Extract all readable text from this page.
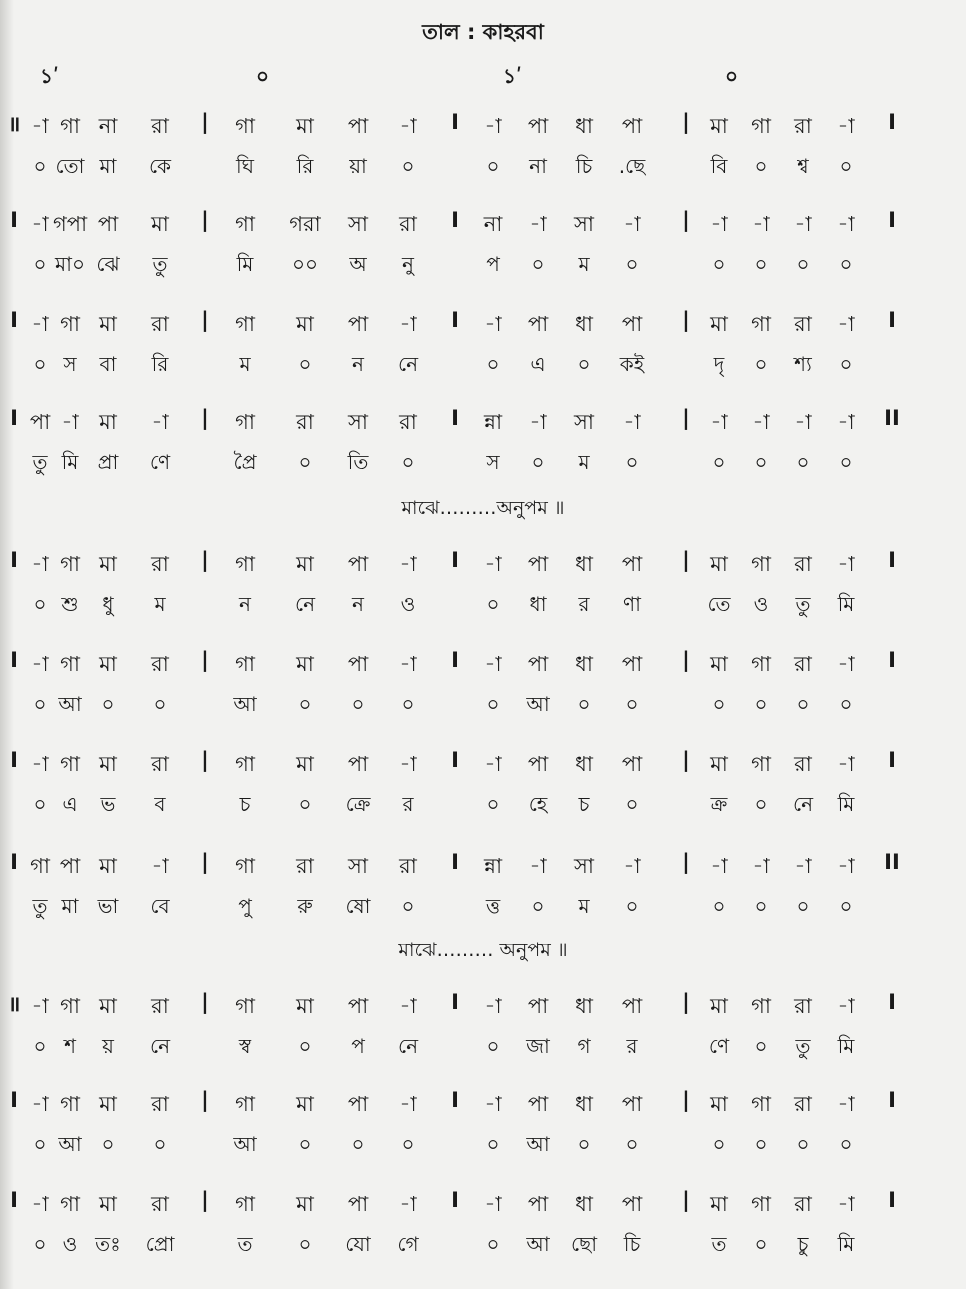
তাল : কাহরবা
১ʹ	০	১ʹ	০
॥ -া গা না রা | গা মা পা -া I -া পা ধা পা | মা গা রা -া I
০ তো মা কে	ঘি রি য়া ০	০ না চি .ছে	বি ০ শ্ব ০
I -া গপা পা মা | গা গরা সা রা I না -া সা -া | -া -া -া -া I
০ মা০ ঝে তু	মি ০০ অ নু	প ০ ম ০	০ ০ ০ ০
I -া গা মা রা | গা মা পা -া I -া পা ধা পা | মা গা রা -া I
০ স বা রি	ম ০ ন নে	০ এ ০ কই	দৃ ০ শ্য ০
I পা -া মা -া | গা রা সা রা I ন্না -া সা -া | -া -া -া -া II
তু মি প্রা ণে	প্রৈ ০ তি ০	স ০ ম ০	০ ০ ০ ০
I -া গা মা রা | গা মা পা -া I -া পা ধা পা | মা গা রা -া I
০ শু ধু ম	ন নে ন ও	০ ধা র ণা	তে ও তু মি
I -া গা মা রা | গা মা পা -া I -া পা ধা পা | মা গা রা -া I
০ আ ০ ০	আ ০ ০ ০	০ আ ০ ০	০ ০ ০ ০
I -া গা মা রা | গা মা পা -া I -া পা ধা পা | মা গা রা -া I
০ এ ভ ব	চ ০ ক্রে র	০ হে চ ০	ক্র ০ নে মি
I গা পা মা -া | গা রা সা রা I ন্না -া সা -া | -া -া -া -া II
তু মা ভা বে	পু রু ষো ০	ত্ত ০ ম ০	০ ০ ০ ০
॥ -া গা মা রা | গা মা পা -া I -া পা ধা পা | মা গা রা -া I
০ শ য় নে	স্ব ০ প নে	০ জা গ র	ণে ০ তু মি
I -া গা মা রা | গা মা পা -া I -া পা ধা পা | মা গা রা -া I
০ আ ০ ০	আ ০ ০ ০	০ আ ০ ০	০ ০ ০ ০
I -া গা মা রা | গা মা পা -া I -া পা ধা পা | মা গা রা -া I
০ ও তঃ প্রো	ত ০ যো গে	০ আ ছো চি	ত ০ চু মি
মাঝে………অনুপম ॥
মাঝে……… অনুপম ॥
